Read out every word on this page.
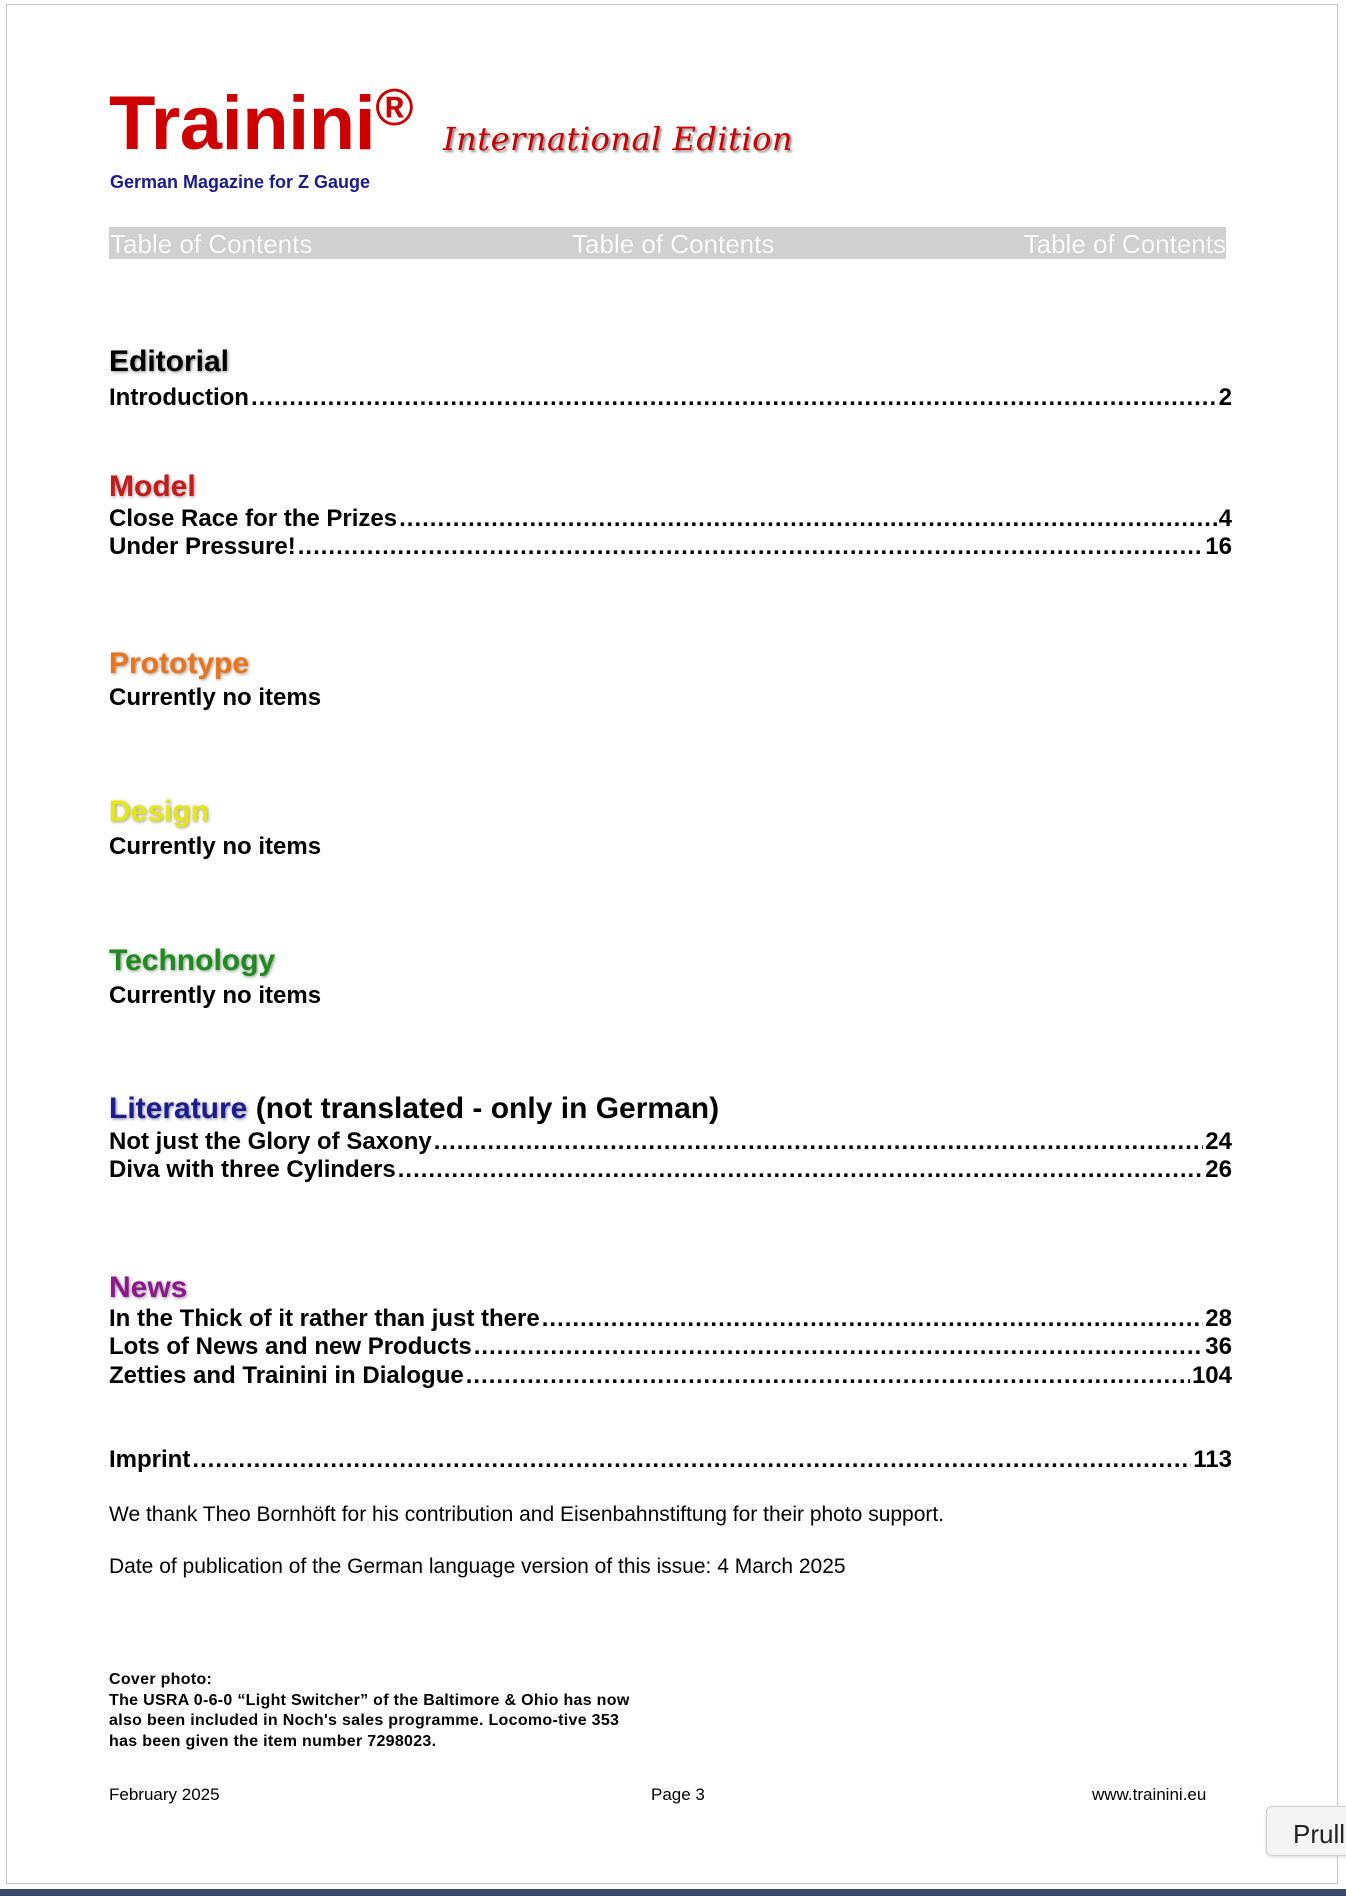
Trainini®
International Edition
German Magazine for Z Gauge
Table of Contents	Table of Contents	Table of Contents
Editorial
Introduction .....	2
Model
Close Race for the Prizes .....	4
Under Pressure! .....	16
Prototype
Currently no items
Design
Currently no items
Technology
Currently no items
Literature (not translated - only in German)
Not just the Glory of Saxony .....	24
Diva with three Cylinders .....	26
News
In the Thick of it rather than just there .....	28
Lots of News and new Products .....	36
Zetties and Trainini in Dialogue .....	104
Imprint .....	113
We thank Theo Bornhöft for his contribution and Eisenbahnstiftung for their photo support.
Date of publication of the German language version of this issue: 4 March 2025
Cover photo:
The USRA 0-6-0 “Light Switcher” of the Baltimore & Ohio has now
also been included in Noch's sales programme. Locomo-tive 353
has been given the item number 7298023.
February 2025	Page 3	www.trainini.eu
Prull
